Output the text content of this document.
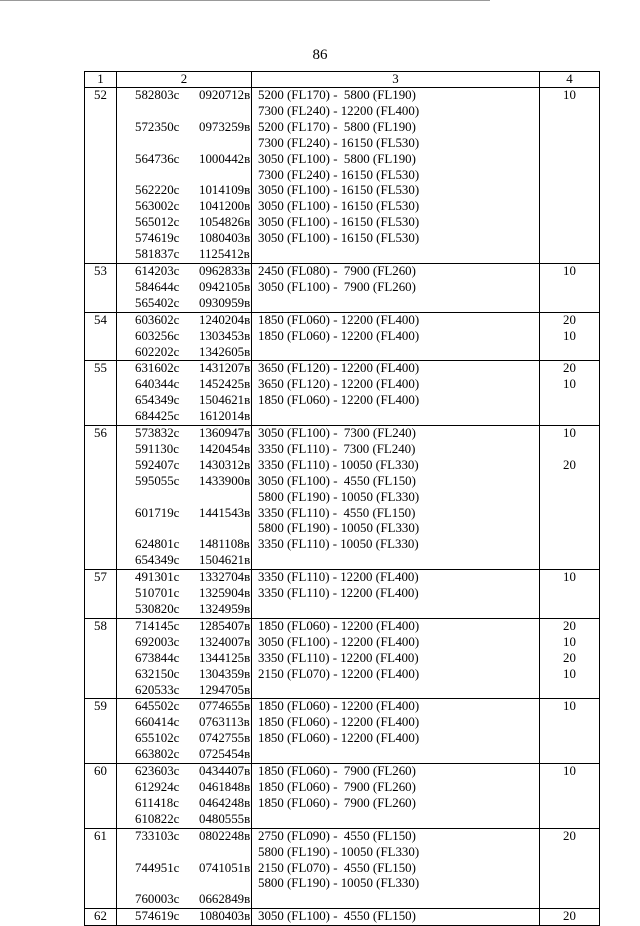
86
1	2	3	4
52	582803с 0920712в	5200 (FL170) -  5800 (FL190)	10
		7300 (FL240) - 12200 (FL400)	
	572350с 0973259в	5200 (FL170) -  5800 (FL190)	
		7300 (FL240) - 16150 (FL530)	
	564736с 1000442в	3050 (FL100) -  5800 (FL190)	
		7300 (FL240) - 16150 (FL530)	
	562220с 1014109в	3050 (FL100) - 16150 (FL530)	
	563002с 1041200в	3050 (FL100) - 16150 (FL530)	
	565012с 1054826в	3050 (FL100) - 16150 (FL530)	
	574619с 1080403в	3050 (FL100) - 16150 (FL530)	
	581837с 1125412в		
53	614203с 0962833в	2450 (FL080) -  7900 (FL260)	10
	584644с 0942105в	3050 (FL100) -  7900 (FL260)	
	565402с 0930959в		
54	603602с 1240204в	1850 (FL060) - 12200 (FL400)	20
	603256с 1303453в	1850 (FL060) - 12200 (FL400)	10
	602202с 1342605в		
55	631602с 1431207в	3650 (FL120) - 12200 (FL400)	20
	640344с 1452425в	3650 (FL120) - 12200 (FL400)	10
	654349с 1504621в	1850 (FL060) - 12200 (FL400)	
	684425с 1612014в		
56	573832с 1360947в	3050 (FL100) -  7300 (FL240)	10
	591130с 1420454в	3350 (FL110) -  7300 (FL240)	
	592407с 1430312в	3350 (FL110) - 10050 (FL330)	20
	595055с 1433900в	3050 (FL100) -  4550 (FL150)	
		5800 (FL190) - 10050 (FL330)	
	601719с 1441543в	3350 (FL110) -  4550 (FL150)	
		5800 (FL190) - 10050 (FL330)	
	624801с 1481108в	3350 (FL110) - 10050 (FL330)	
	654349с 1504621в		
57	491301с 1332704в	3350 (FL110) - 12200 (FL400)	10
	510701с 1325904в	3350 (FL110) - 12200 (FL400)	
	530820с 1324959в		
58	714145с 1285407в	1850 (FL060) - 12200 (FL400)	20
	692003с 1324007в	3050 (FL100) - 12200 (FL400)	10
	673844с 1344125в	3350 (FL110) - 12200 (FL400)	20
	632150с 1304359в	2150 (FL070) - 12200 (FL400)	10
	620533с 1294705в		
59	645502с 0774655в	1850 (FL060) - 12200 (FL400)	10
	660414с 0763113в	1850 (FL060) - 12200 (FL400)	
	655102с 0742755в	1850 (FL060) - 12200 (FL400)	
	663802с 0725454в		
60	623603с 0434407в	1850 (FL060) -  7900 (FL260)	10
	612924с 0461848в	1850 (FL060) -  7900 (FL260)	
	611418с 0464248в	1850 (FL060) -  7900 (FL260)	
	610822с 0480555в		
61	733103с 0802248в	2750 (FL090) -  4550 (FL150)	20
		5800 (FL190) - 10050 (FL330)	
	744951с 0741051в	2150 (FL070) -  4550 (FL150)	
		5800 (FL190) - 10050 (FL330)	
	760003с 0662849в		
62	574619с 1080403в	3050 (FL100) -  4550 (FL150)	20
